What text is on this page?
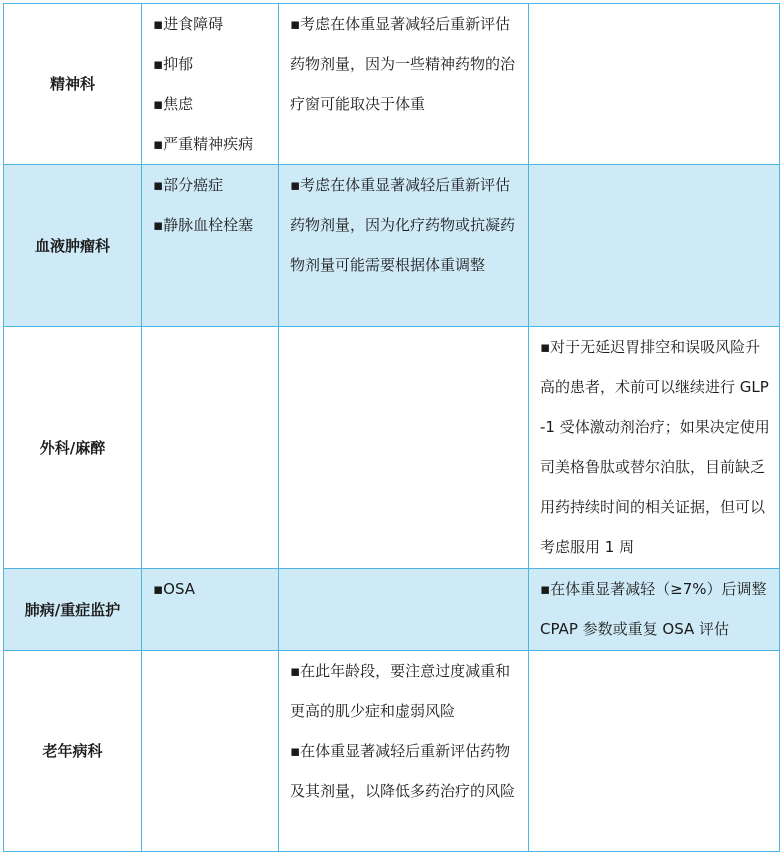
精神科	▪进食障碍
▪抑郁
▪焦虑
▪严重精神疾病	▪考虑在体重显著减轻后重新评估药物剂量，因为一些精神药物的治疗窗可能取决于体重	

血液肿瘤科	▪部分癌症
▪静脉血栓栓塞	▪考虑在体重显著减轻后重新评估药物剂量，因为化疗药物或抗凝药物剂量可能需要根据体重调整	

外科/麻醉			▪对于无延迟胃排空和误吸风险升高的患者，术前可以继续进行 GLP-1 受体激动剂治疗；如果决定使用司美格鲁肽或替尔泊肽，目前缺乏用药持续时间的相关证据，但可以考虑服用 1 周

肺病/重症监护	▪OSA		▪在体重显著减轻（≥7%）后调整 CPAP 参数或重复 OSA 评估

老年病科		▪在此年龄段，要注意过度减重和更高的肌少症和虚弱风险
▪在体重显著减轻后重新评估药物及其剂量，以降低多药治疗的风险	
